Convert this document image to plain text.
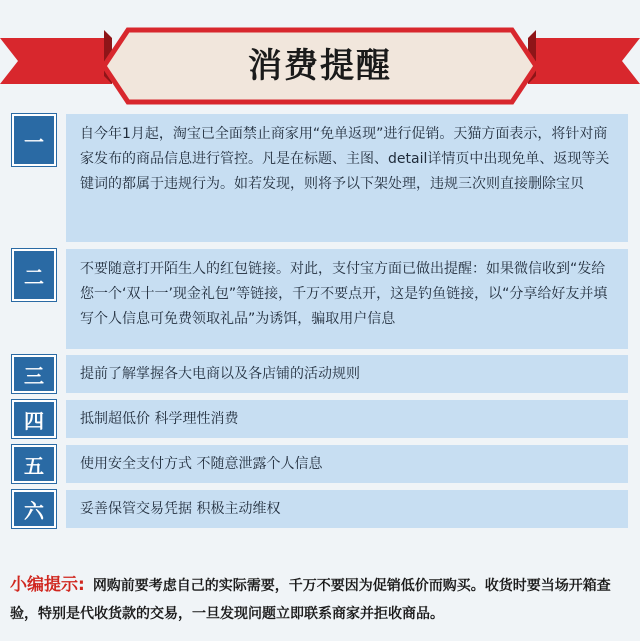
消费提醒
一	自今年1月起，淘宝已全面禁止商家用“免单返现”进行促销。天猫方面表示，将针对商家发布的商品信息进行管控。凡是在标题、主图、detail详情页中出现免单、返现等关键词的都属于违规行为。如若发现，则将予以下架处理，违规三次则直接删除宝贝
二	不要随意打开陌生人的红包链接。对此，支付宝方面已做出提醒：如果微信收到“发给您一个‘双十一’现金礼包”等链接，千万不要点开，这是钓鱼链接，以“分享给好友并填写个人信息可免费领取礼品”为诱饵，骗取用户信息
三	提前了解掌握各大电商以及各店铺的活动规则
四	抵制超低价 科学理性消费
五	使用安全支付方式 不随意泄露个人信息
六	妥善保管交易凭据 积极主动维权
小编提示: 网购前要考虑自己的实际需要，千万不要因为促销低价而购买。收货时要当场开箱查验，特别是代收货款的交易，一旦发现问题立即联系商家并拒收商品。
